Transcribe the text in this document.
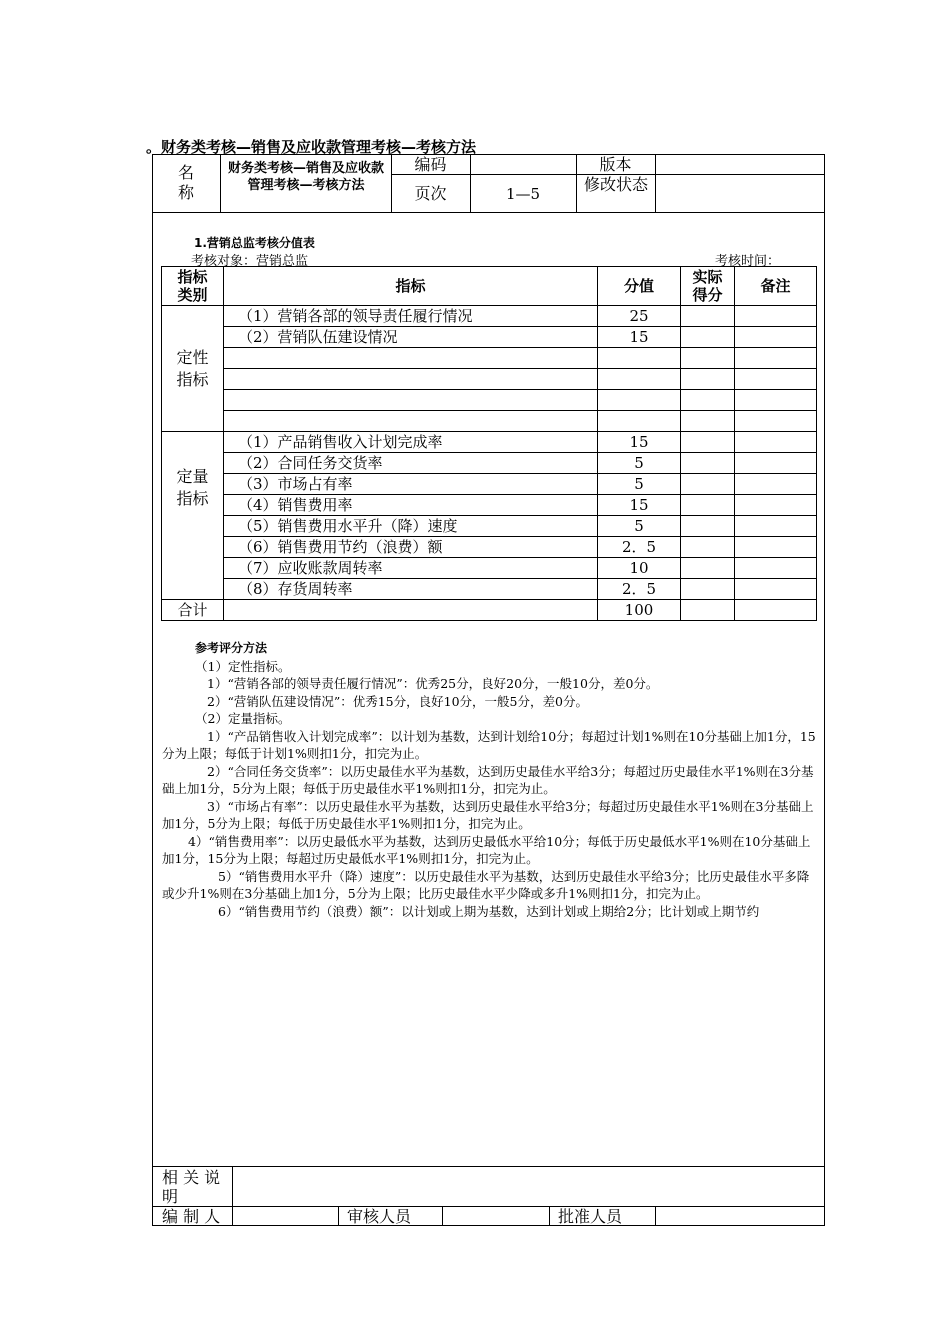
。财务类考核—销售及应收款管理考核—考核方法
名
称
财务类考核—销售及应收款管理考核—考核方法
编码	版本
页次	1—5	修改状态
1.营销总监考核分值表
考核对象：营销总监	考核时间：
指标类别	指标	分值	实际得分	备注

定性指标	（1）营销各部的领导责任履行情况	25		
	（2）营销队伍建设情况	15		

定量指标	（1）产品销售收入计划完成率	15		
	（2）合同任务交货率	5		
	（3）市场占有率	5		
	（4）销售费用率	15		
	（5）销售费用水平升（降）速度	5		
	（6）销售费用节约（浪费）额	2．5		
	（7）应收账款周转率	10		
	（8）存货周转率	2．5		
合计		100		

参考评分方法

（1）定性指标。

1）“营销各部的领导责任履行情况”：优秀25分，良好20分，一般10分，差0分。

2）“营销队伍建设情况”：优秀15分，良好10分，一般5分，差0分。

（2）定量指标。

1）“产品销售收入计划完成率”：以计划为基数，达到计划给10分；每超过计划1%则在10分基础上加1分，15分为上限；每低于计划1%则扣1分，扣完为止。

2）“合同任务交货率”：以历史最佳水平为基数，达到历史最佳水平给3分；每超过历史最佳水平1%则在3分基础上加1分，5分为上限；每低于历史最佳水平1%则扣1分，扣完为止。

3）“市场占有率”：以历史最佳水平为基数，达到历史最佳水平给3分；每超过历史最佳水平1%则在3分基础上加1分，5分为上限；每低于历史最佳水平1%则扣1分，扣完为止。

4）“销售费用率”：以历史最低水平为基数，达到历史最低水平给10分；每低于历史最低水平1%则在10分基础上加1分，15分为上限；每超过历史最低水平1%则扣1分，扣完为止。

5）“销售费用水平升（降）速度”：以历史最佳水平为基数，达到历史最佳水平给3分；比历史最佳水平多降或少升1%则在3分基础上加1分，5分为上限；比历史最佳水平少降或多升1%则扣1分，扣完为止。

6）“销售费用节约（浪费）额”：以计划或上期为基数，达到计划或上期给2分；比计划或上期节约

相 关 说
明
编 制 人	审核人员	批准人员
